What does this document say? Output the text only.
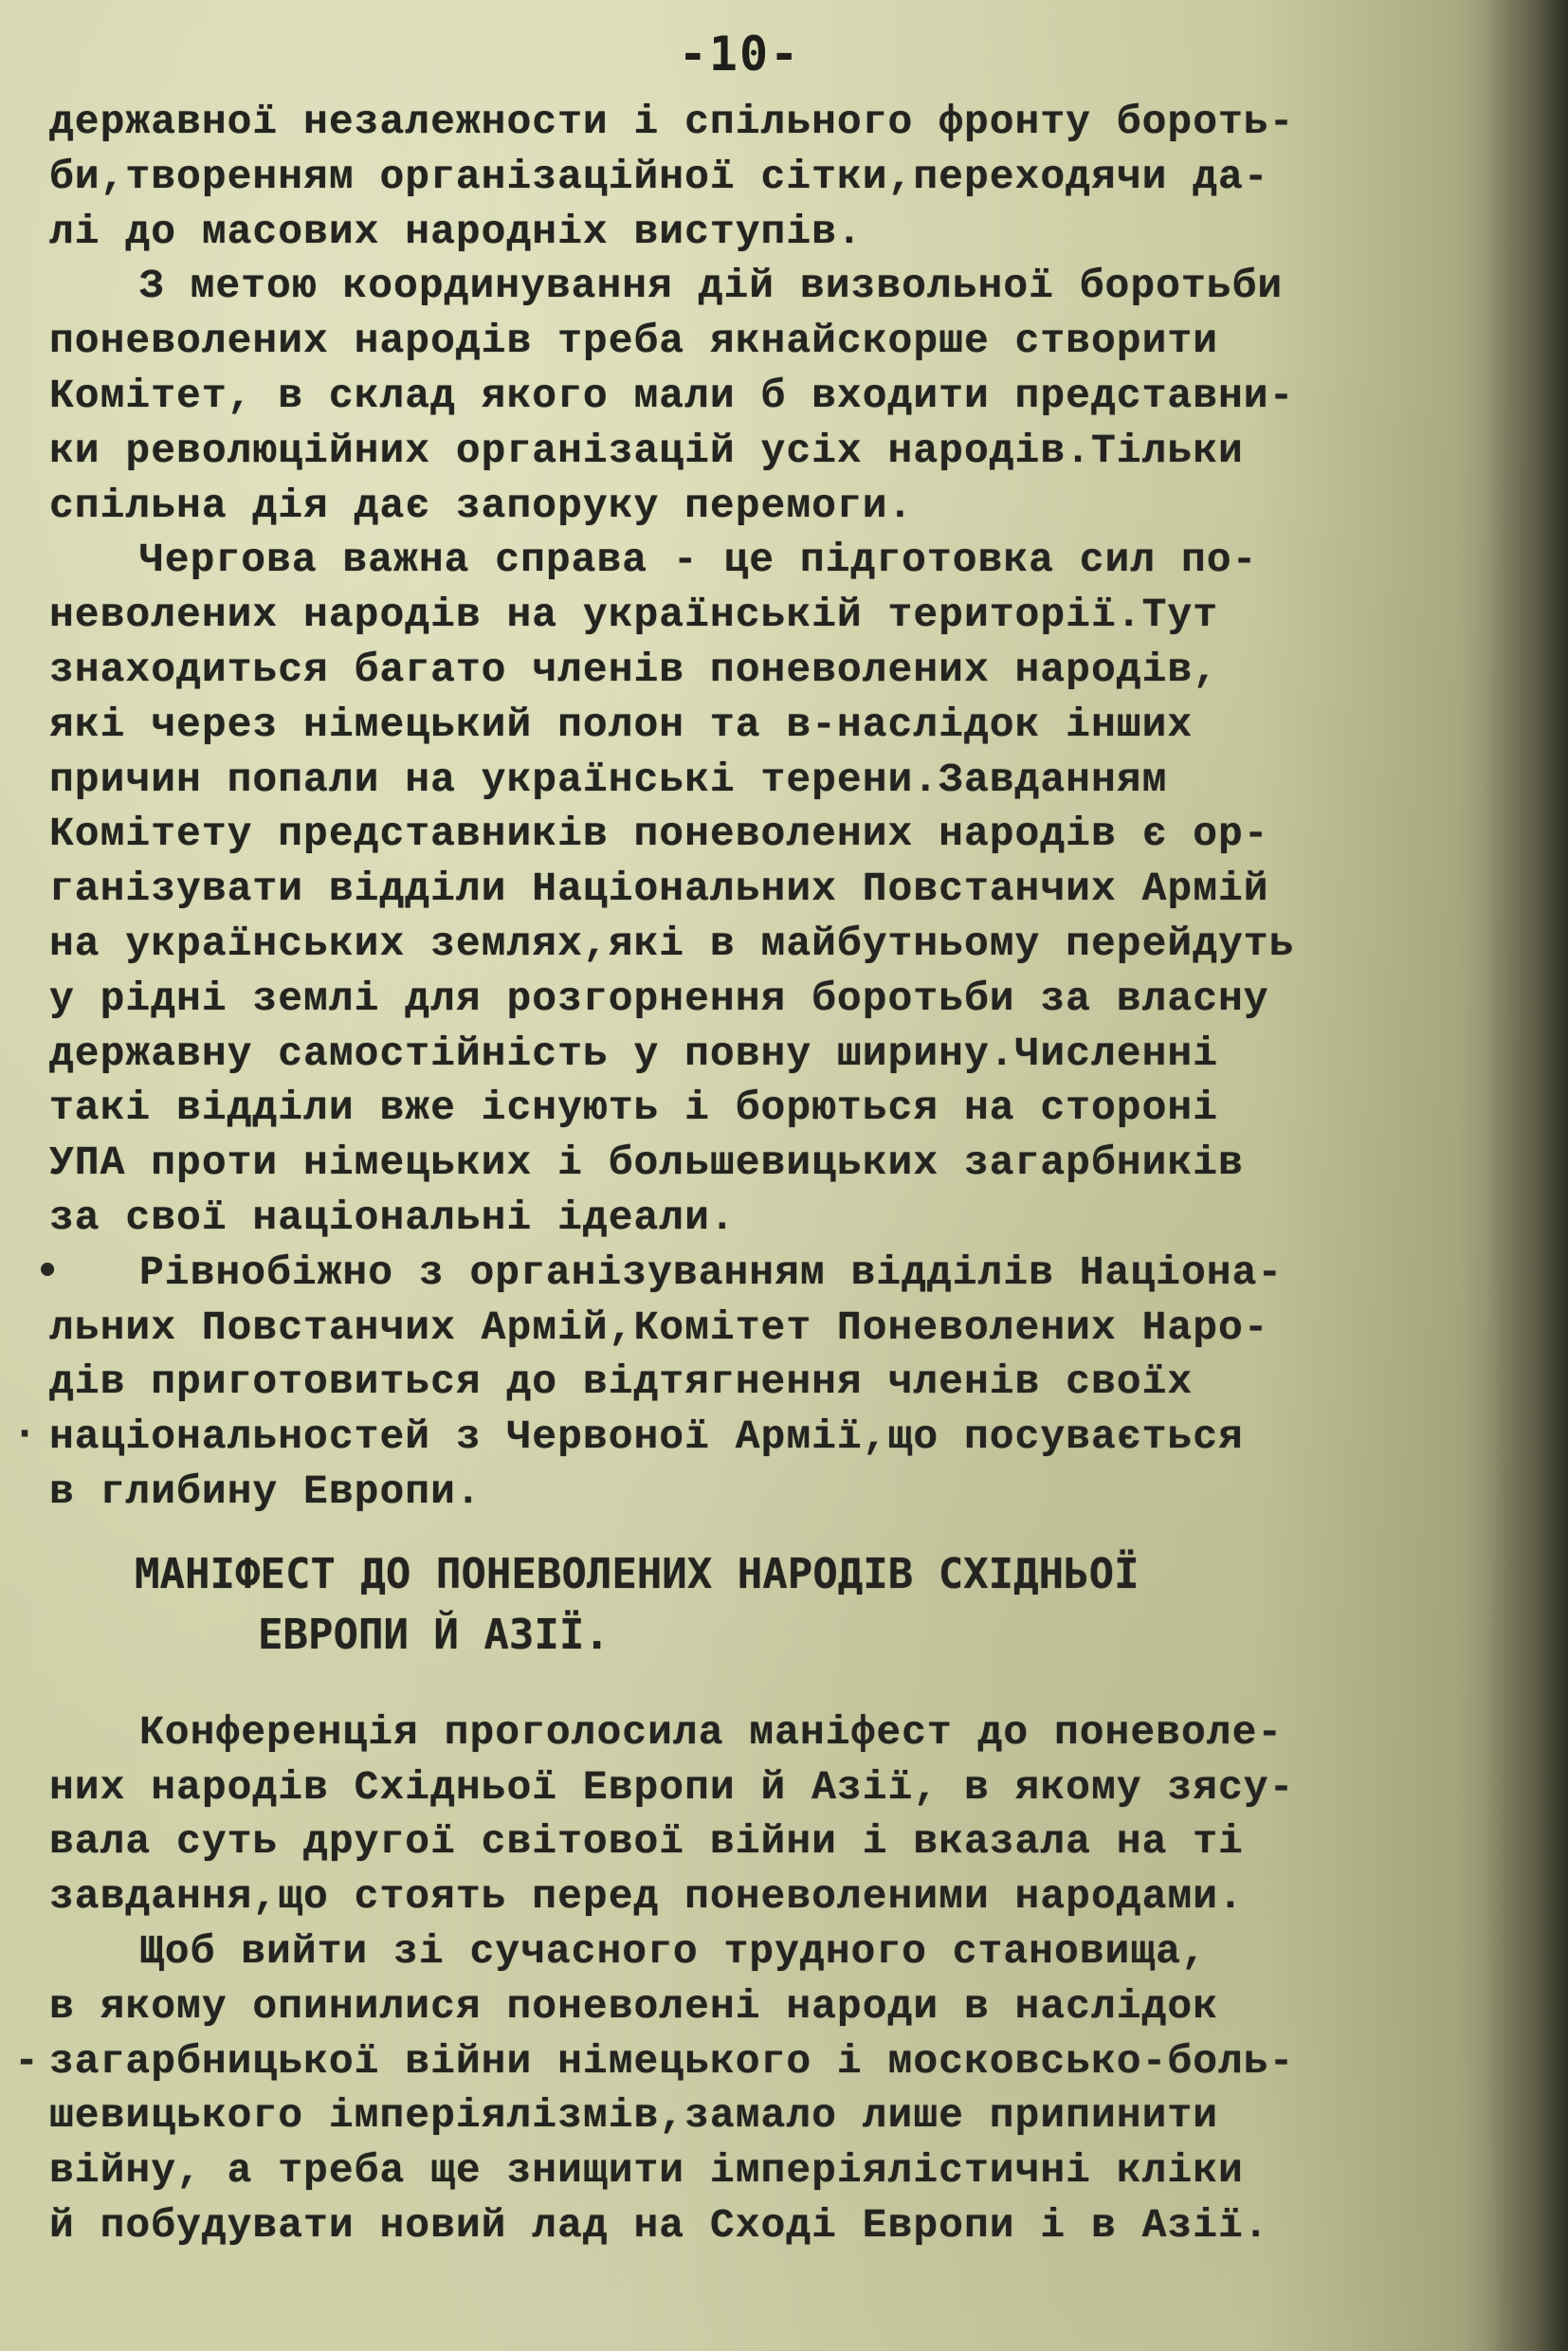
-10-
державної незалежности і спільного фронту бороть-
би,творенням організаційної сітки,переходячи да-
лі до масових народніх виступів.
З метою координування дій визвольної боротьби
поневолених народів треба якнайскорше створити
Комітет, в склад якого мали б входити представни-
ки революційних організацій усіх народів.Тільки
спільна дія дає запоруку перемоги.
Чергова важна справа - це підготовка сил по-
неволених народів на українській території.Тут
знаходиться багато членів поневолених народів,
які через німецький полон та в-наслідок інших
причин попали на українські терени.Завданням
Комітету представників поневолених народів є ор-
ганізувати відділи Національних Повстанчих Армій
на українських землях,які в майбутньому перейдуть
у рідні землі для розгорнення боротьби за власну
державну самостійність у повну ширину.Численні
такі відділи вже існують і борються на стороні
УПА проти німецьких і большевицьких загарбників
за свої національні ідеали.
Рівнобіжно з організуванням відділів Націона-
льних Повстанчих Армій,Комітет Поневолених Наро-
дів приготовиться до відтягнення членів своїх
національностей з Червоної Армії,що посувається
в глибину Европи.
МАНІФЕСТ ДО ПОНЕВОЛЕНИХ НАРОДІВ СХІДНЬОЇ
ЕВРОПИ Й АЗІЇ.
Конференція проголосила маніфест до поневоле-
них народів Східньої Европи й Азії, в якому зясу-
вала суть другої світової війни і вказала на ті
завдання,що стоять перед поневоленими народами.
Щоб вийти зі сучасного трудного становища,
в якому опинилися поневолені народи в наслідок
загарбницької війни німецького і московсько-боль-
шевицького імперіялізмів,замало лише припинити
війну, а треба ще знищити імперіялістичні кліки
й побудувати новий лад на Сході Европи і в Азії.
•
·
-
